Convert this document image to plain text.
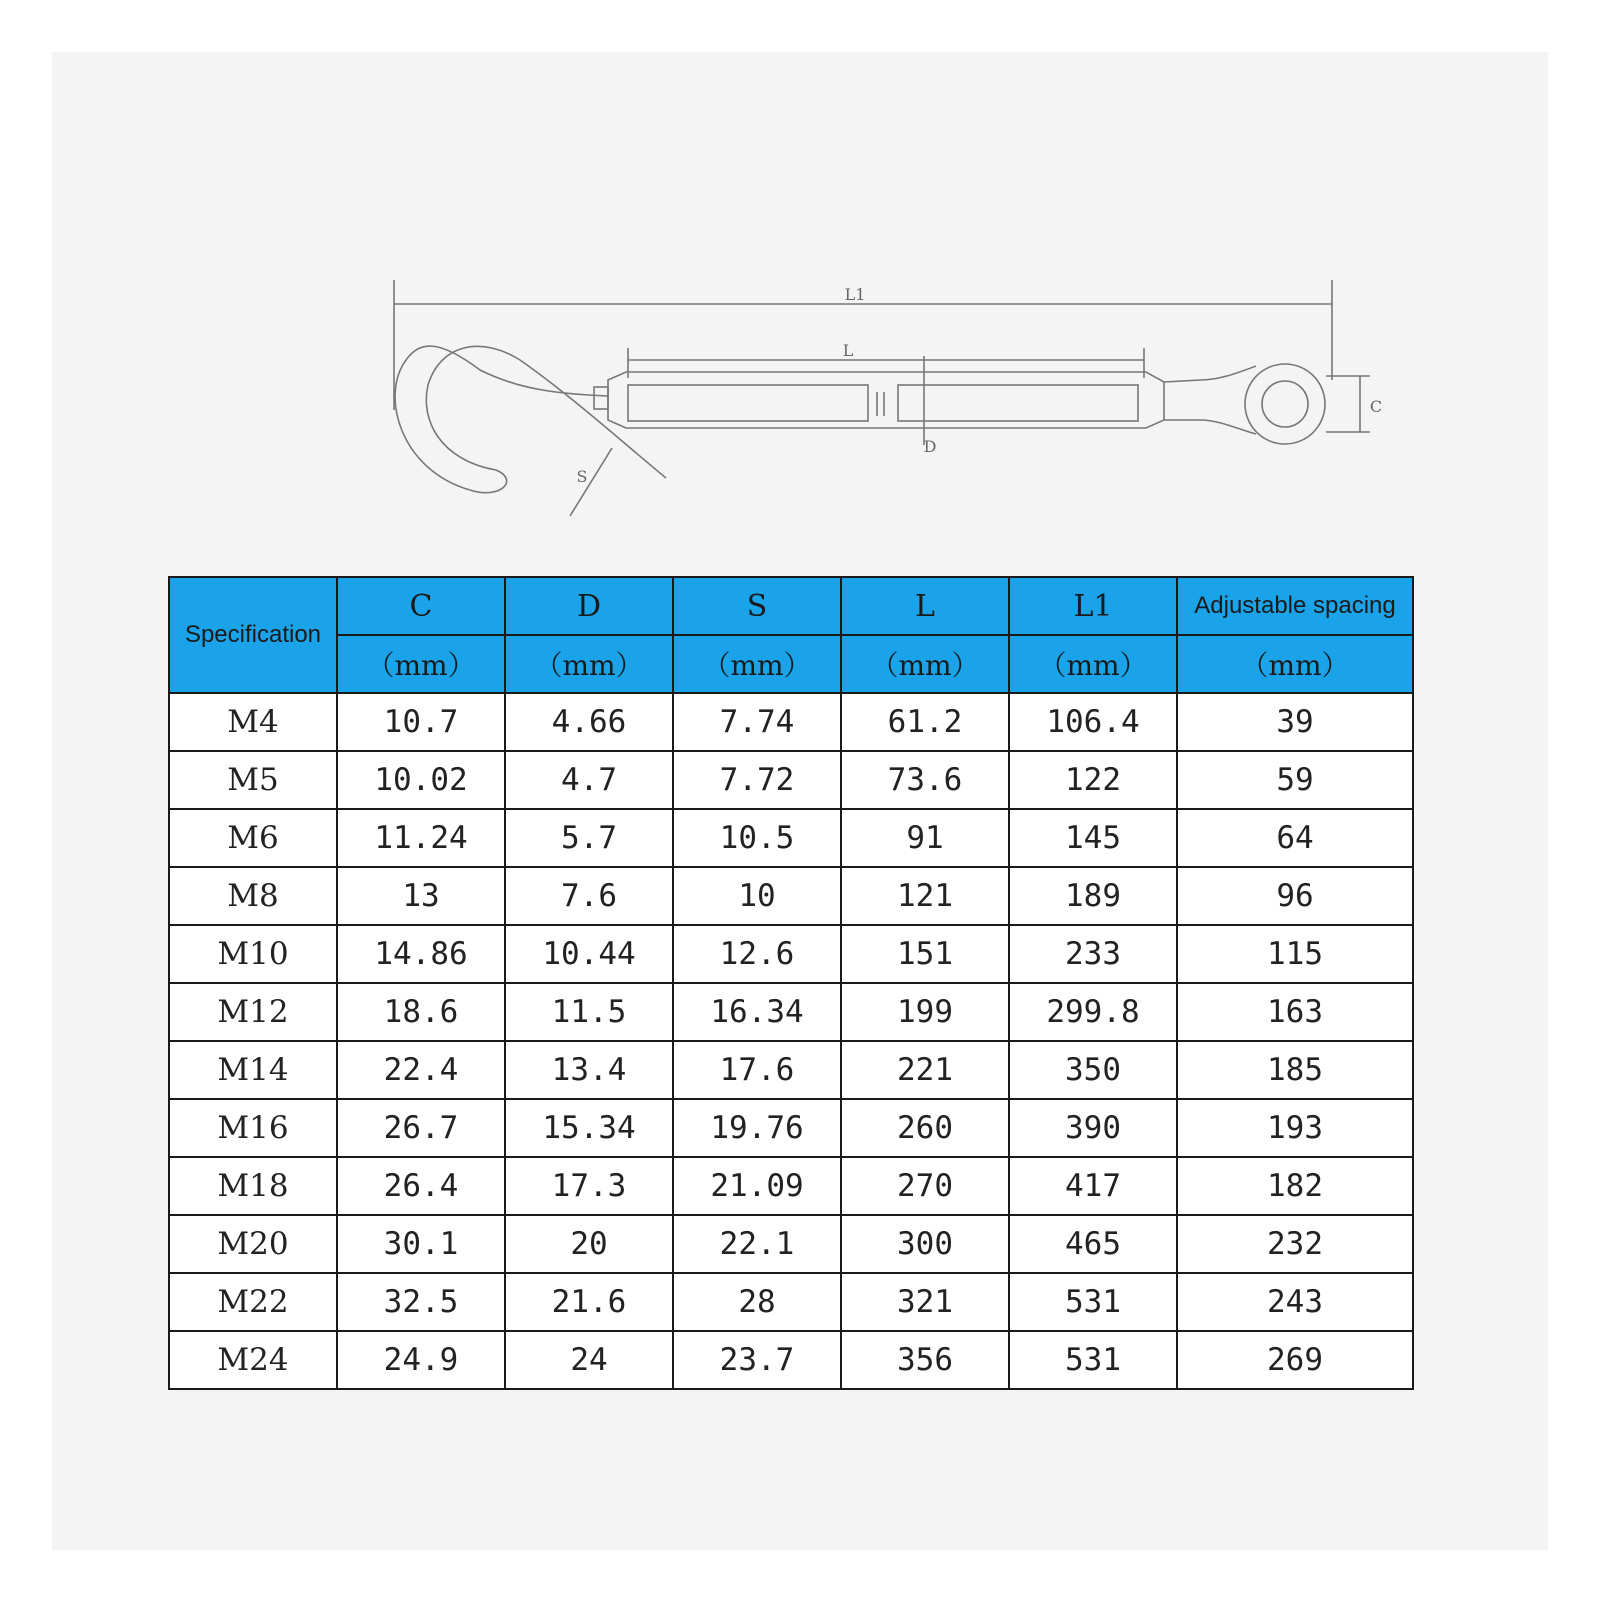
L1
L
C
D
S
Specification	C	D	S	L	L1	Adjustable spacing
	（mm）	（mm）	（mm）	（mm）	（mm）	（mm）
M4	10.7	4.66	7.74	61.2	106.4	39
M5	10.02	4.7	7.72	73.6	122	59
M6	11.24	5.7	10.5	91	145	64
M8	13	7.6	10	121	189	96
M10	14.86	10.44	12.6	151	233	115
M12	18.6	11.5	16.34	199	299.8	163
M14	22.4	13.4	17.6	221	350	185
M16	26.7	15.34	19.76	260	390	193
M18	26.4	17.3	21.09	270	417	182
M20	30.1	20	22.1	300	465	232
M22	32.5	21.6	28	321	531	243
M24	24.9	24	23.7	356	531	269
